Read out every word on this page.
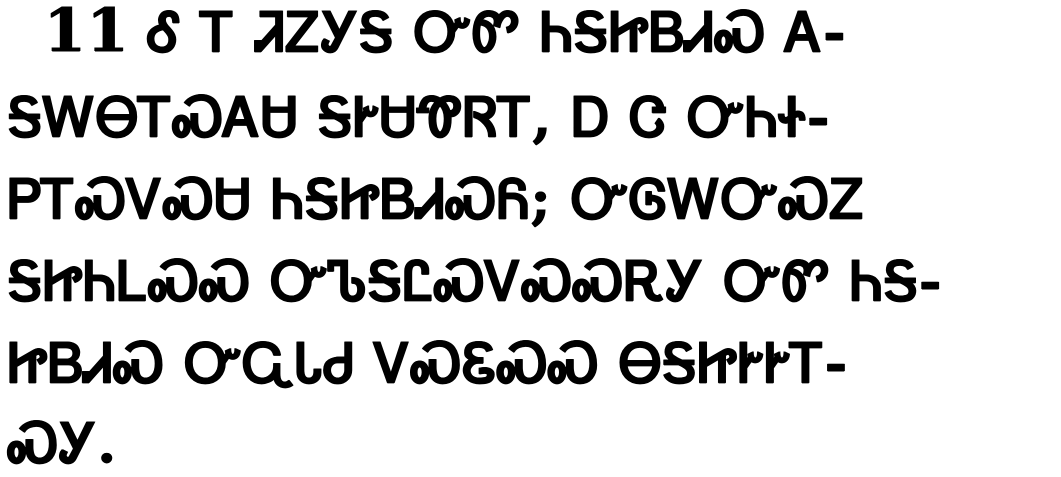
11 Ꮄ Ꭲ ᏘᏃᎩᎦ ᏅᏛ ᏂᎦᏥᏴᏗᏍ Ꭺ-
ᎦᎳᎾᎢᏍᎪᏌ ᎦᎨᏌᏡᏒᎢ, Ꭰ Ꮳ ᏅᏂᏐ-
ᏢᎢᏍᏙᏍᏌ ᏂᎦᏥᏴᏗᏍᏲ; ᏅᎶᎳᏅᏍᏃ
ᎦᏥᏂᏞᏍᏍ ᏅᏖᎦᏝᏍᏙᏍᏍᎡᎩ ᏅᏛ ᏂᎦ-
ᏥᏴᏗᏍ ᏅᏩᏓᏧ ᏙᏍᏋᏍᏍ ᎾᎦᏥᎨᎨᎢ-
ᏍᎩ.
